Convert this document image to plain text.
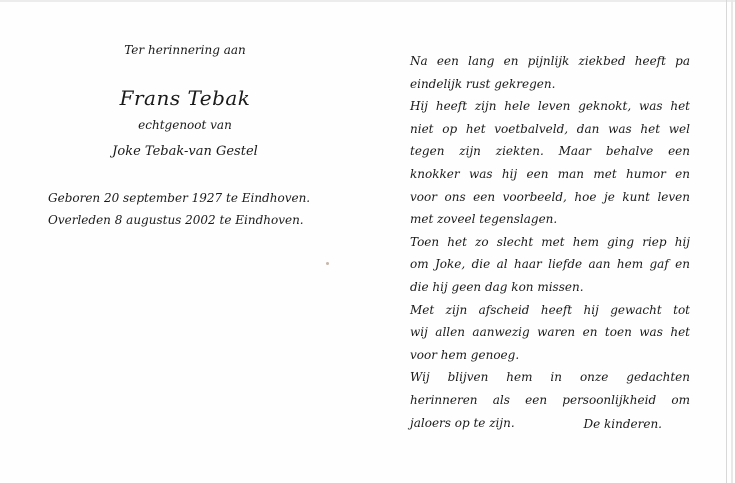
Ter herinnering aan
Frans Tebak
echtgenoot van
Joke Tebak-van Gestel
Geboren 20 september 1927 te Eindhoven.
Overleden 8 augustus 2002 te Eindhoven.
Na een lang en pijnlijk ziekbed heeft pa
eindelijk rust gekregen.
Hij heeft zijn hele leven geknokt, was het
niet op het voetbalveld, dan was het wel
tegen zijn ziekten. Maar behalve een
knokker was hij een man met humor en
voor ons een voorbeeld, hoe je kunt leven
met zoveel tegenslagen.
Toen het zo slecht met hem ging riep hij
om Joke, die al haar liefde aan hem gaf en
die hij geen dag kon missen.
Met zijn afscheid heeft hij gewacht tot
wij allen aanwezig waren en toen was het
voor hem genoeg.
Wij blijven hem in onze gedachten
herinneren als een persoonlijkheid om
jaloers op te zijn.	De kinderen.
